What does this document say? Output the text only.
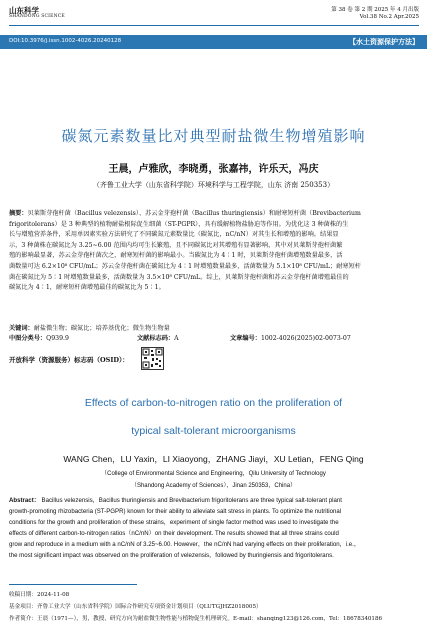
山东科学
SHANDONG SCIENCE
第 38 卷 第 2 期 2025 年 4 月出版
Vol.38 No.2 Apr.2025
DOI:10.3976/j.issn.1002-4026.20240128	【水土资源保护方法】
碳氮元素数量比对典型耐盐微生物增殖影响
王晨，卢雅欣，李晓勇，张嘉祎，许乐天，冯庆
（齐鲁工业大学（山东省科学院）环境科学与工程学院，山东 济南 250353）
摘要：贝莱斯芽孢杆菌（Bacillus velezensis）、苏云金芽孢杆菌（Bacillus thuringiensis）和耐寒短杆菌（Brevibacterium
frigoritolerans）是 3 种典型的植物耐盐根际促生细菌（ST-PGPR），具有缓解植物盐胁迫等作用。为优化这 3 种菌株的生
长与增殖营养条件，采用单因素实验方法研究了不同碳氮元素数量比（碳氮比，nC/nN）对其生长和增殖的影响。结果显
示，3 种菌株在碳氮比为 3.25~6.00 范围内均可生长繁殖，且不同碳氮比对其增殖有显著影响，其中对贝莱斯芽孢杆菌繁
殖的影响最显著，苏云金芽孢杆菌次之，耐寒短杆菌的影响最小。当碳氮比为 4∶1 时，贝莱斯芽孢杆菌增殖数量最多，活
菌数量可达 6.2×10⁸ CFU/mL；苏云金芽孢杆菌在碳氮比为 4∶1 时增殖数量最多，活菌数量为 5.1×10⁸ CFU/mL；耐寒短杆
菌在碳氮比为 5∶1 时增殖数量最多，活菌数量为 3.5×10⁸ CFU/mL。综上，贝莱斯芽孢杆菌和苏云金芽孢杆菌增殖最佳的
碳氮比为 4∶1，耐寒短杆菌增殖最佳的碳氮比为 5∶1。
关键词：耐盐微生物；碳氮比；培养基优化；微生物生物量
中图分类号：Q939.9	文献标志码：A	文章编号：1002-4026(2025)02-0073-07
开放科学（资源服务）标志码（OSID）：
Effects of carbon-to-nitrogen ratio on the proliferation of
typical salt-tolerant microorganisms
WANG Chen，LU Yaxin，LI Xiaoyong，ZHANG Jiayi，XU Letian，FENG Qing
（College of Environmental Science and Engineering，Qilu University of Technology
（Shandong Academy of Sciences），Jinan 250353，China）
Abstract： Bacillus velezensis，Bacillus thuringiensis and Brevibacterium frigoritolerans are three typical salt-tolerant plant
growth-promoting rhizobacteria (ST-PGPR) known for their ability to alleviate salt stress in plants. To optimize the nutritional
conditions for the growth and proliferation of these strains，experiment of single factor method was used to investigate the
effects of different carbon-to-nitrogen ratios（nC/nN）on their development. The results showed that all three strains could
grow and reproduce in a medium with a nC/nN of 3.25~6.00. However，the nC/nN had varying effects on their proliferation，i.e.，
the most significant impact was observed on the proliferation of velezensis，followed by thuringiensis and frigoritolerans.
收稿日期：2024-11-08
基金项目：齐鲁工业大学（山东省科学院）国际合作研究专项资金计划项目（QLUTGJHZ2018005）
作者简介：王晨（1971—），男，教授，研究方向为耐盐微生物性能与植物促生机理研究。E-mail：shanqing123@126.com，Tel：18678340186
